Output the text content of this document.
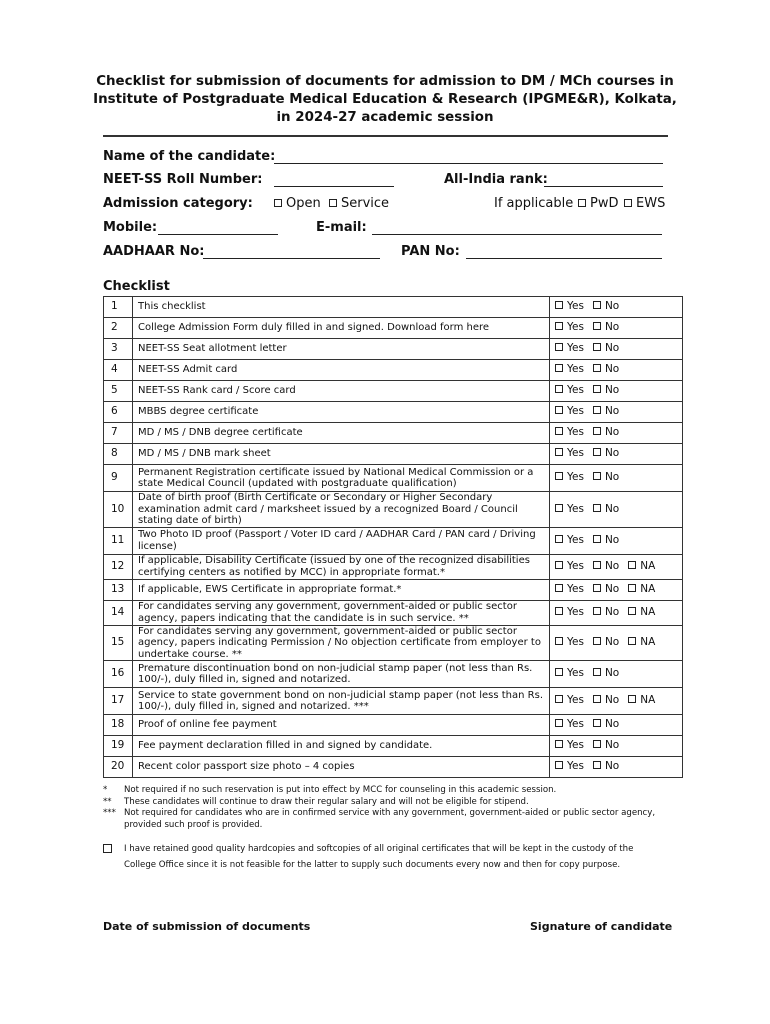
Checklist for submission of documents for admission to DM / MCh courses in
Institute of Postgraduate Medical Education & Research (IPGME&R), Kolkata,
in 2024-27 academic session
Name of the candidate:
NEET-SS Roll Number:	All-India rank:
Admission category:	Open	Service	If applicable	PwD	EWS
Mobile:	E-mail:
AADHAAR No:	PAN No:
Checklist
1	This checklist	Yes No
2	College Admission Form duly filled in and signed. Download form here	Yes No
3	NEET-SS Seat allotment letter	Yes No
4	NEET-SS Admit card	Yes No
5	NEET-SS Rank card / Score card	Yes No
6	MBBS degree certificate	Yes No
7	MD / MS / DNB degree certificate	Yes No
8	MD / MS / DNB mark sheet	Yes No
9	Permanent Registration certificate issued by National Medical Commission or a state Medical Council (updated with postgraduate qualification)	Yes No
10	Date of birth proof (Birth Certificate or Secondary or Higher Secondary examination admit card / marksheet issued by a recognized Board / Council stating date of birth)	Yes No
11	Two Photo ID proof (Passport / Voter ID card / AADHAR Card / PAN card / Driving license)	Yes No
12	If applicable, Disability Certificate (issued by one of the recognized disabilities certifying centers as notified by MCC) in appropriate format.*	Yes No NA
13	If applicable, EWS Certificate in appropriate format.*	Yes No NA
14	For candidates serving any government, government-aided or public sector agency, papers indicating that the candidate is in such service. **	Yes No NA
15	For candidates serving any government, government-aided or public sector agency, papers indicating Permission / No objection certificate from employer to undertake course. **	Yes No NA
16	Premature discontinuation bond on non-judicial stamp paper (not less than Rs. 100/-), duly filled in, signed and notarized.	Yes No
17	Service to state government bond on non-judicial stamp paper (not less than Rs. 100/-), duly filled in, signed and notarized. ***	Yes No NA
18	Proof of online fee payment	Yes No
19	Fee payment declaration filled in and signed by candidate.	Yes No
20	Recent color passport size photo – 4 copies	Yes No
*	Not required if no such reservation is put into effect by MCC for counseling in this academic session.
**	These candidates will continue to draw their regular salary and will not be eligible for stipend.
*** Not required for candidates who are in confirmed service with any government, government-aided or public sector agency, provided such proof is provided.
I have retained good quality hardcopies and softcopies of all original certificates that will be kept in the custody of the College Office since it is not feasible for the latter to supply such documents every now and then for copy purpose.
Date of submission of documents	Signature of candidate
